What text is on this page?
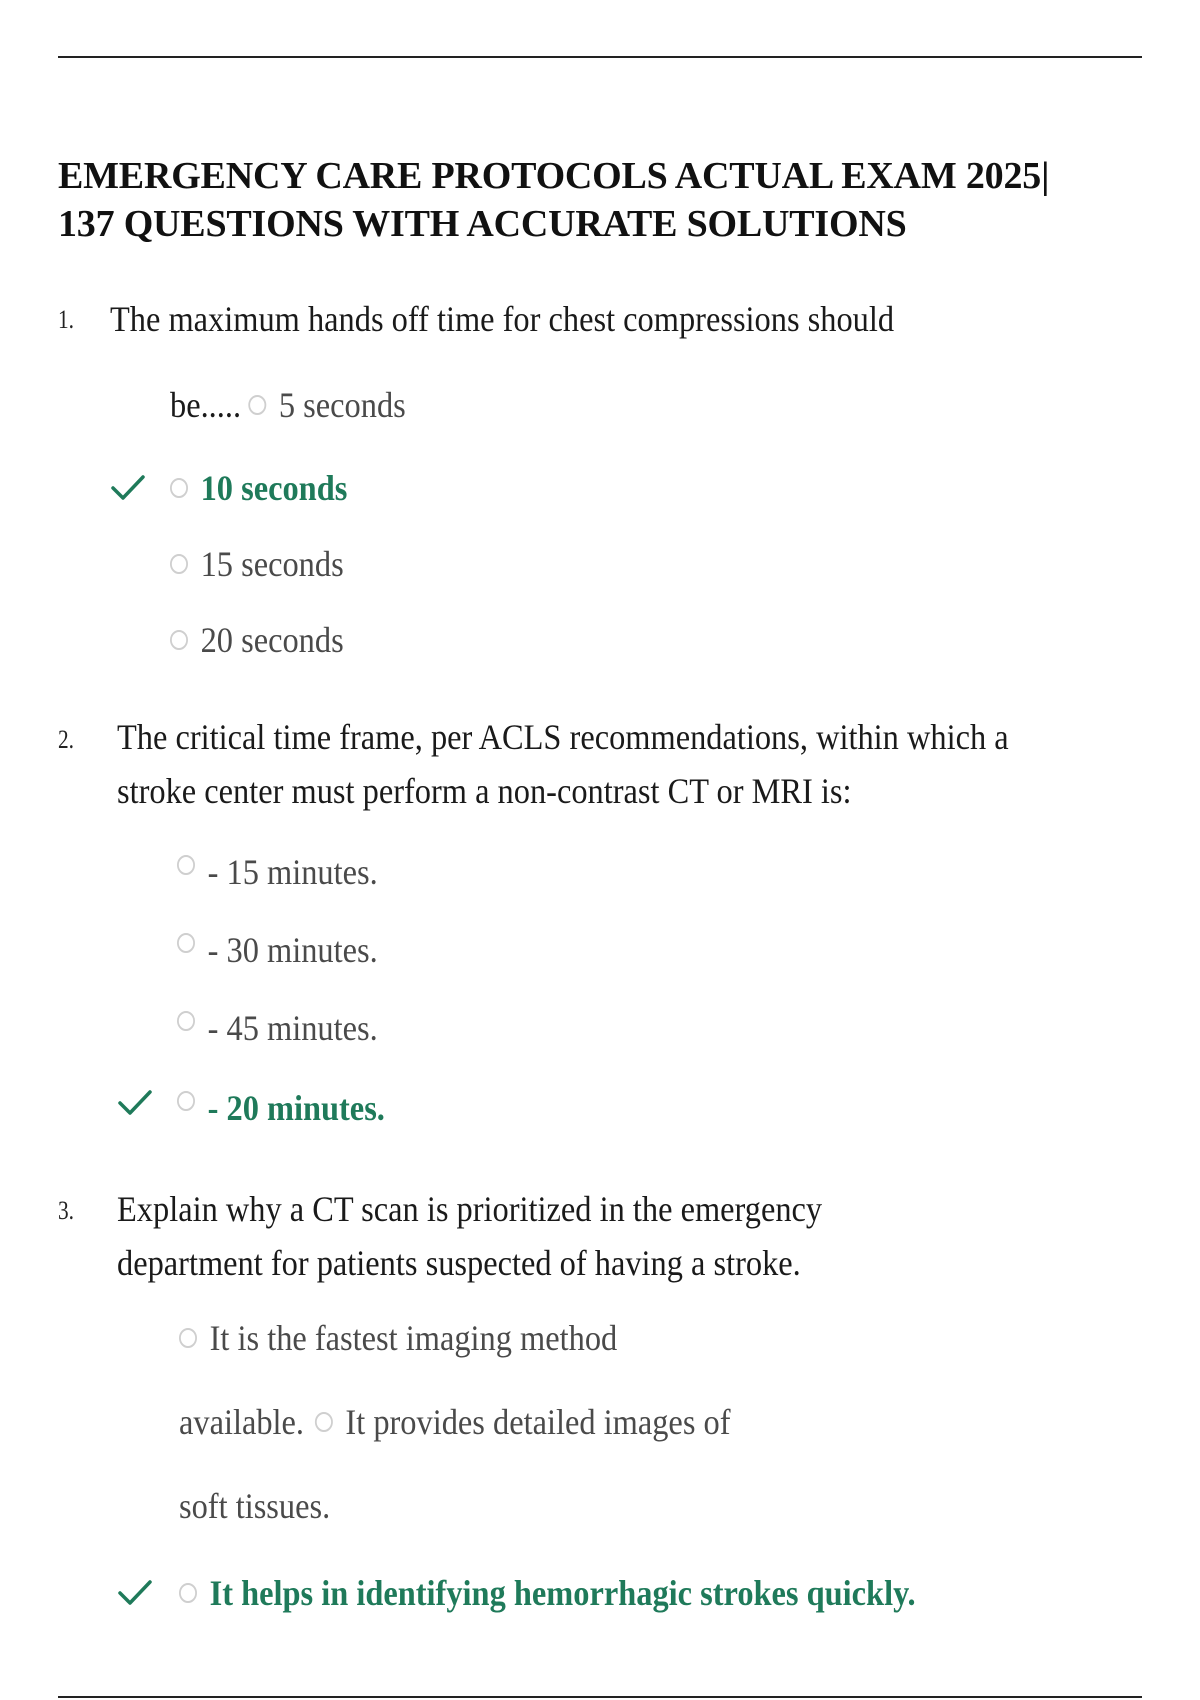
EMERGENCY CARE PROTOCOLS ACTUAL EXAM 2025|
137 QUESTIONS WITH ACCURATE SOLUTIONS
1. The maximum hands off time for chest compressions should
be..... 5 seconds
10 seconds
15 seconds
20 seconds
2. The critical time frame, per ACLS recommendations, within which a
stroke center must perform a non-contrast CT or MRI is:
- 15 minutes.
- 30 minutes.
- 45 minutes.
- 20 minutes.
3. Explain why a CT scan is prioritized in the emergency
department for patients suspected of having a stroke.
It is the fastest imaging method
available. It provides detailed images of
soft tissues.
It helps in identifying hemorrhagic strokes quickly.
